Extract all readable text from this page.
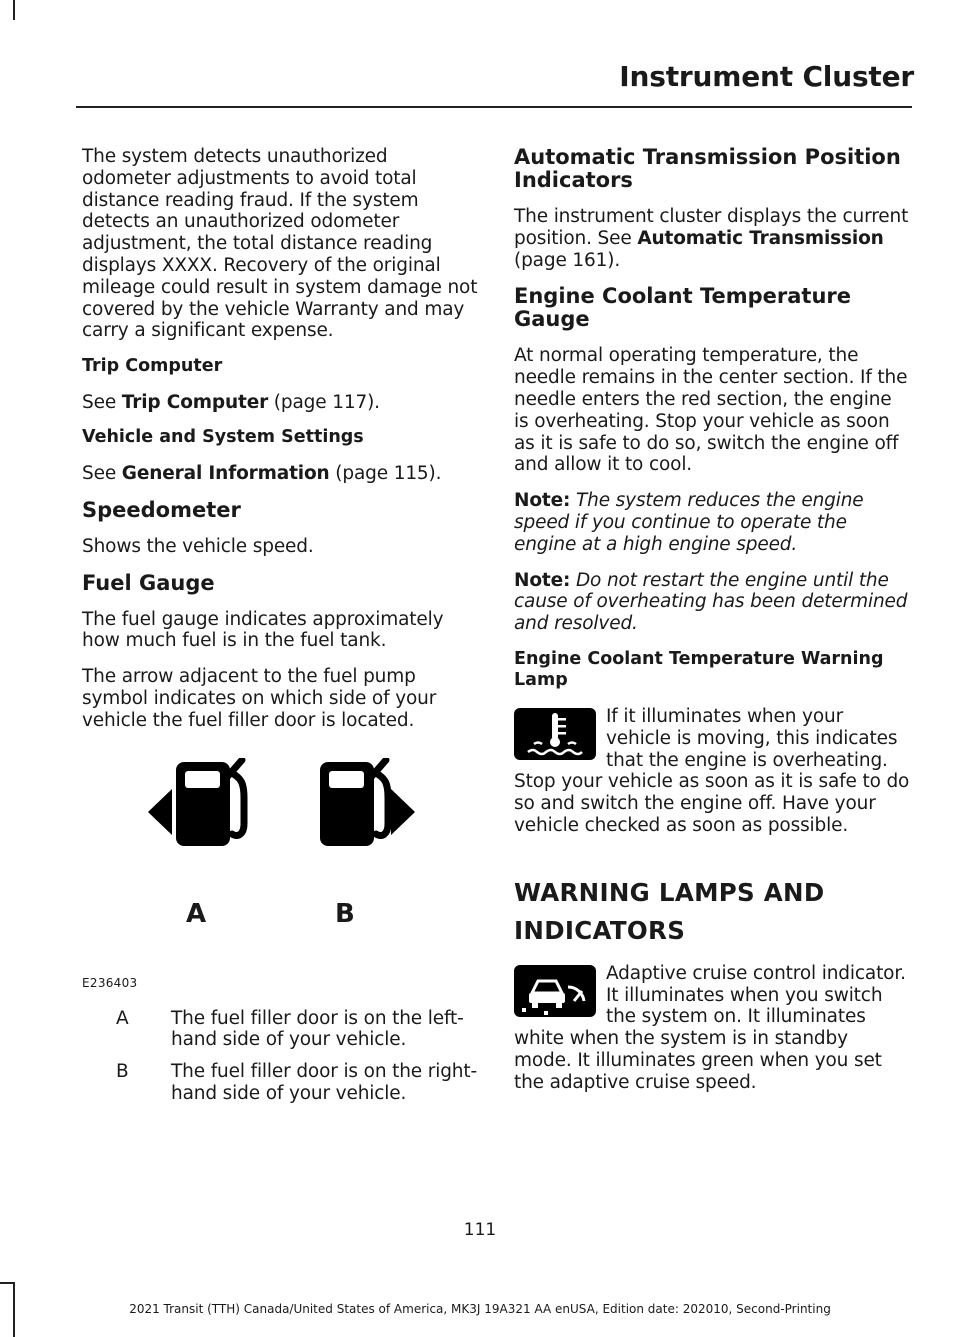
Instrument Cluster

The system detects unauthorized odometer adjustments to avoid total distance reading fraud. If the system detects an unauthorized odometer adjustment, the total distance reading displays XXXX. Recovery of the original mileage could result in system damage not covered by the vehicle Warranty and may carry a significant expense.

Trip Computer

See Trip Computer (page 117).

Vehicle and System Settings

See General Information (page 115).

Speedometer

Shows the vehicle speed.

Fuel Gauge

The fuel gauge indicates approximately how much fuel is in the fuel tank.

The arrow adjacent to the fuel pump symbol indicates on which side of your vehicle the fuel filler door is located.

A	B
E236403
A	The fuel filler door is on the left-hand side of your vehicle.
B	The fuel filler door is on the right-hand side of your vehicle.
Automatic Transmission Position Indicators

The instrument cluster displays the current position. See Automatic Transmission (page 161).

Engine Coolant Temperature Gauge

At normal operating temperature, the needle remains in the center section. If the needle enters the red section, the engine is overheating. Stop your vehicle as soon as it is safe to do so, switch the engine off and allow it to cool.

Note: The system reduces the engine speed if you continue to operate the engine at a high engine speed.

Note: Do not restart the engine until the cause of overheating has been determined and resolved.

Engine Coolant Temperature Warning Lamp

If it illuminates when your vehicle is moving, this indicates that the engine is overheating. Stop your vehicle as soon as it is safe to do so and switch the engine off. Have your vehicle checked as soon as possible.

WARNING LAMPS AND
INDICATORS

Adaptive cruise control indicator. It illuminates when you switch the system on. It illuminates white when the system is in standby mode. It illuminates green when you set the adaptive cruise speed.

111
2021 Transit (TTH) Canada/United States of America, MK3J 19A321 AA enUSA, Edition date: 202010, Second-Printing
